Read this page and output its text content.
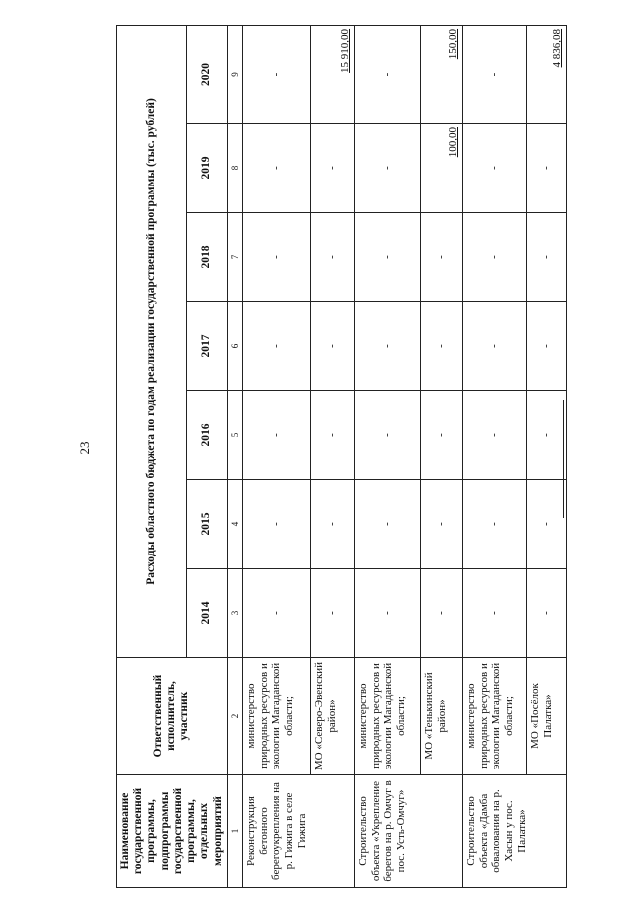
23
Наименование государственной программы, подпрограммы государственной программы, отдельных мероприятий	Ответственный исполнитель, участник	Расходы областного бюджета по годам реализации государственной программы (тыс. рублей)						
		2014	2015	2016	2017	2018	2019	2020
1	2	3	4	5	6	7	8	9
Реконструкция бетонного берегоукрепления на р. Гижига в селе Гижига	министерство природных ресурсов и экологии Магаданской области;	-	-	-	-	-	-	-
	МО «Северо-Эвенский район»	-	-	-	-	-	-	15 910,00
Строительство объекта «Укрепление берегов на р. Омчуг в пос. Усть-Омчуг»	министерство природных ресурсов и экологии Магаданской области;	-	-	-	-	-	-	-
	МО «Тенькинский район»	-	-	-	-	-	100,00	150,00
Строительство объекта «Дамба обвалования на р. Хасын у пос. Палатка»	министерство природных ресурсов и экологии Магаданской области;	-	-	-	-	-	-	-
	МО «Посёлок Палатка»	-	-	-	-	-	-	4 836,08
